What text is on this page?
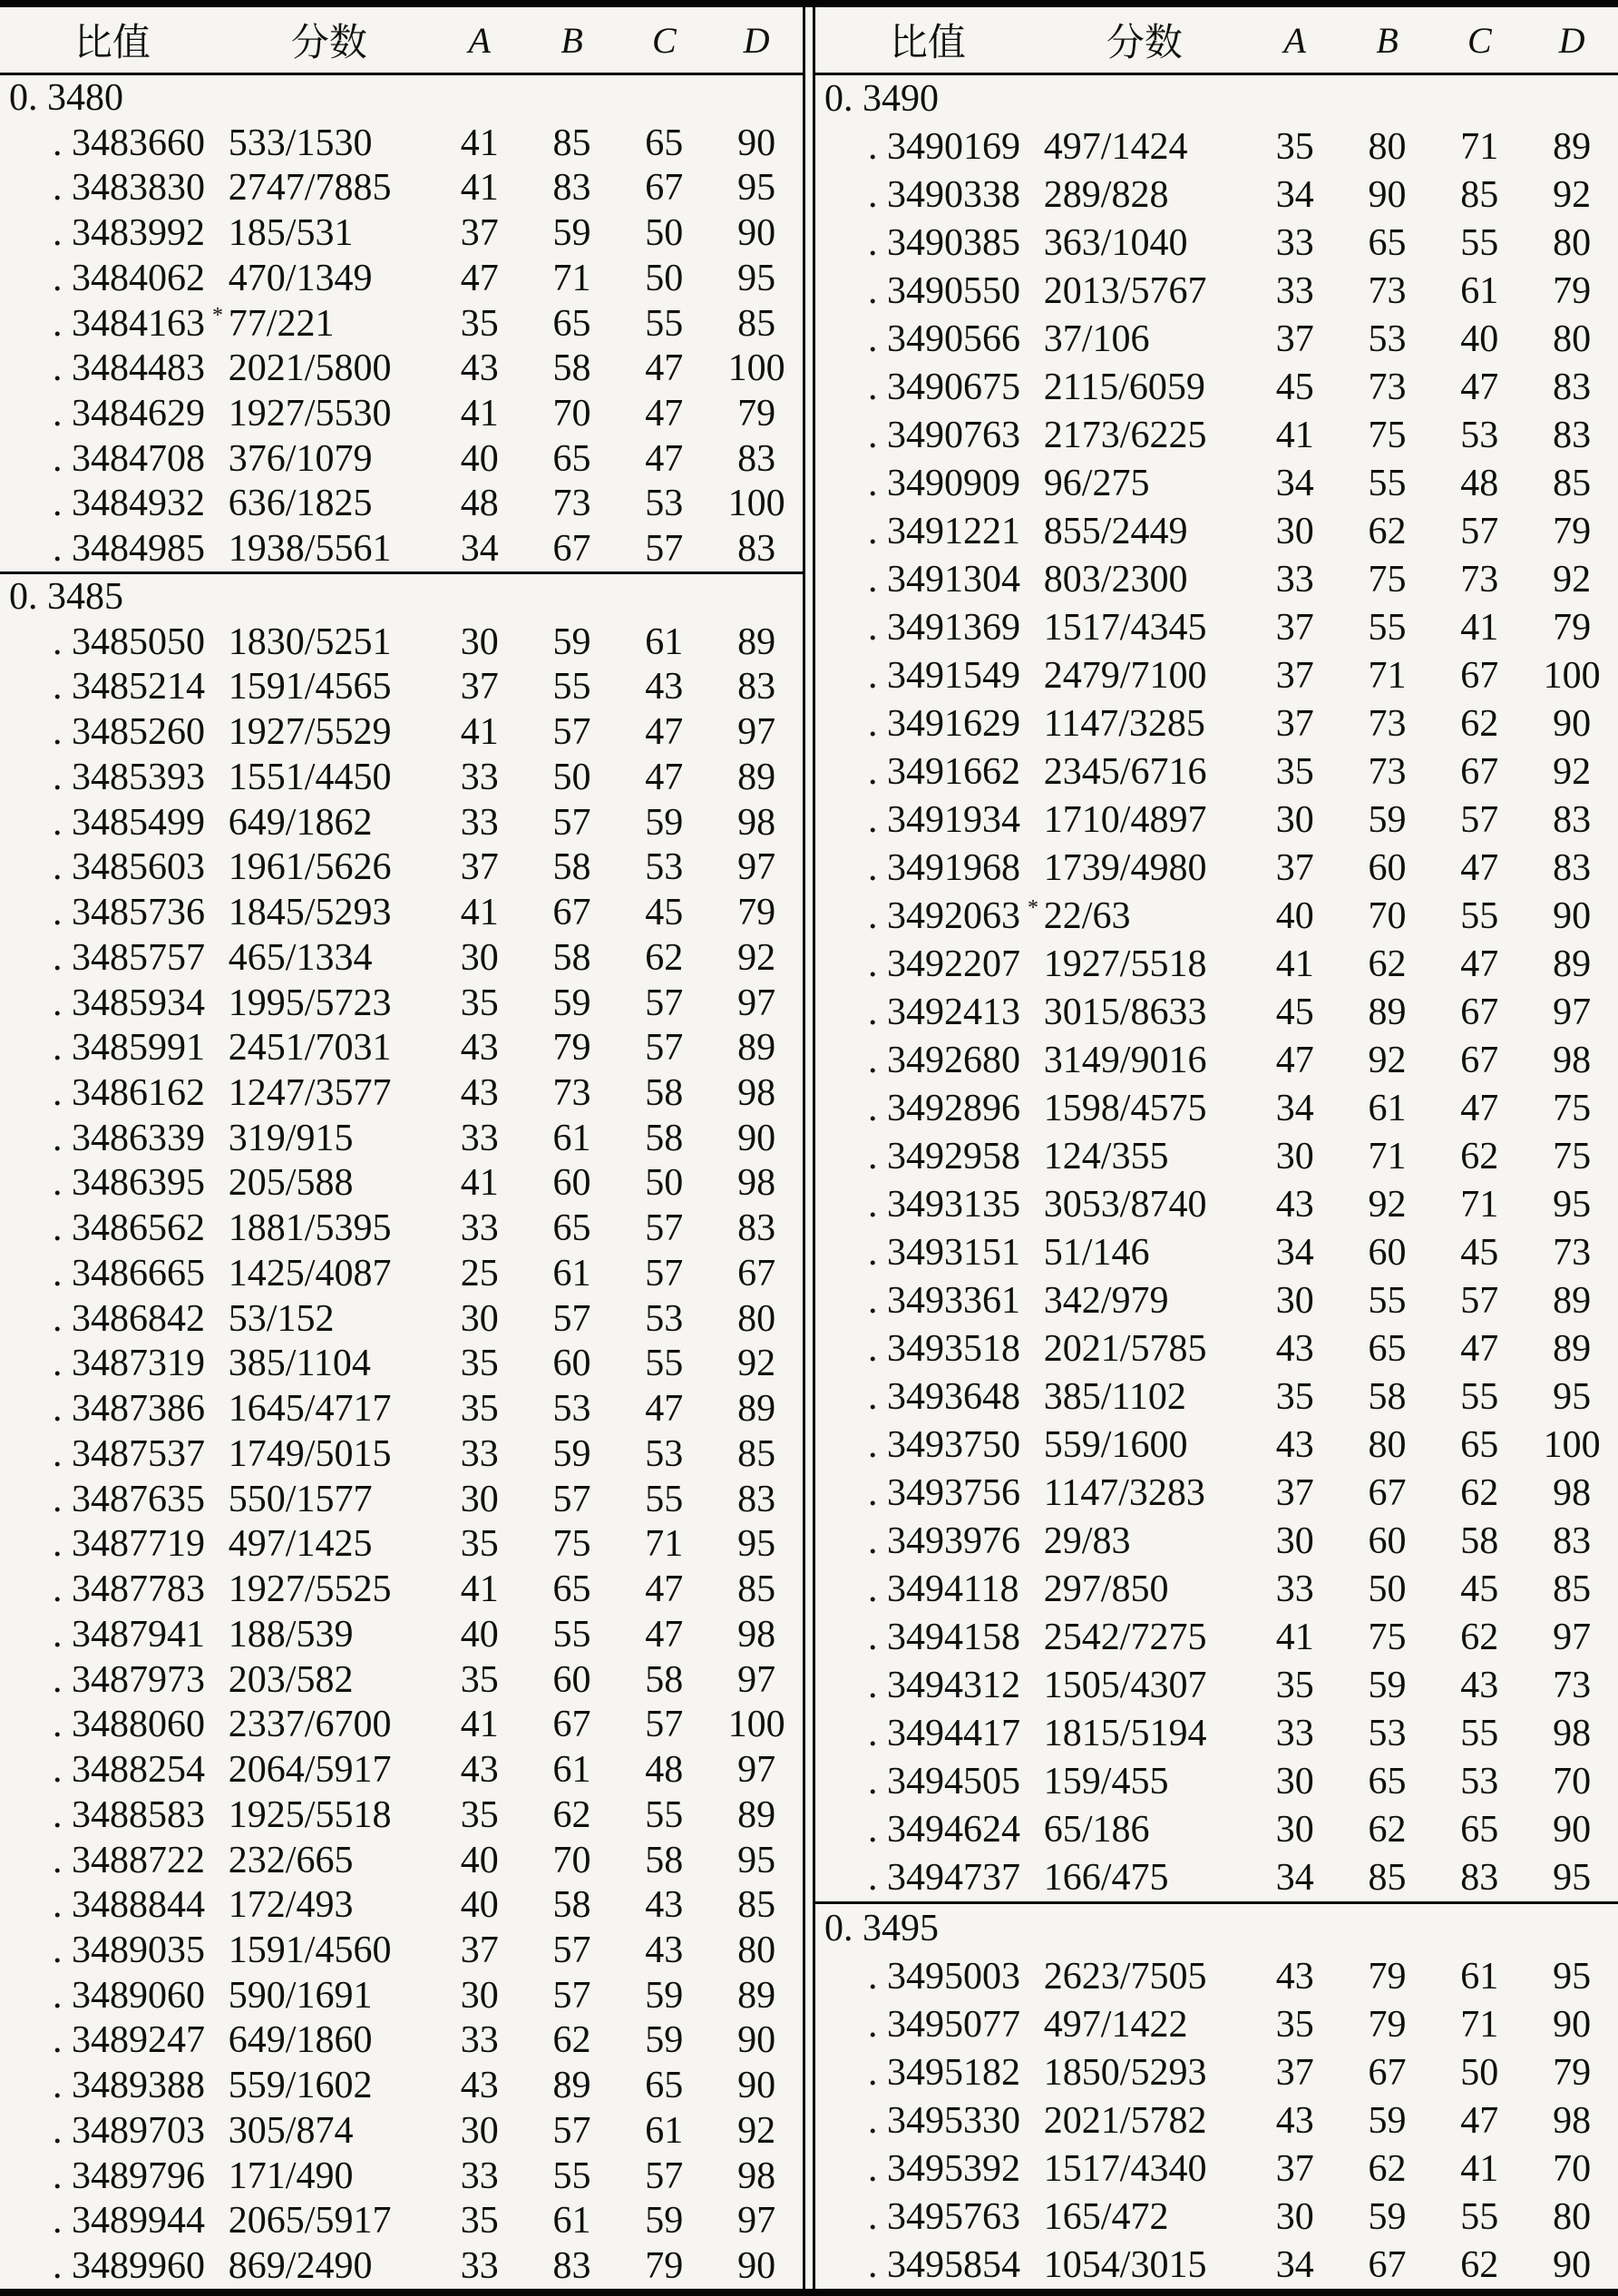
比值	分数	A	B	C	D
0. 3480
. 3483660 533/1530	41	85	65	90
. 3483830 2747/7885	41	83	67	95
. 3483992 185/531	37	59	50	90
. 3484062 470/1349	47	71	50	95
. 3484163 * 77/221	35	65	55	85
. 3484483 2021/5800	43	58	47	100
. 3484629 1927/5530	41	70	47	79
. 3484708 376/1079	40	65	47	83
. 3484932 636/1825	48	73	53	100
. 3484985 1938/5561	34	67	57	83
0. 3485
. 3485050 1830/5251	30	59	61	89
. 3485214 1591/4565	37	55	43	83
. 3485260 1927/5529	41	57	47	97
. 3485393 1551/4450	33	50	47	89
. 3485499 649/1862	33	57	59	98
. 3485603 1961/5626	37	58	53	97
. 3485736 1845/5293	41	67	45	79
. 3485757 465/1334	30	58	62	92
. 3485934 1995/5723	35	59	57	97
. 3485991 2451/7031	43	79	57	89
. 3486162 1247/3577	43	73	58	98
. 3486339 319/915	33	61	58	90
. 3486395 205/588	41	60	50	98
. 3486562 1881/5395	33	65	57	83
. 3486665 1425/4087	25	61	57	67
. 3486842 53/152	30	57	53	80
. 3487319 385/1104	35	60	55	92
. 3487386 1645/4717	35	53	47	89
. 3487537 1749/5015	33	59	53	85
. 3487635 550/1577	30	57	55	83
. 3487719 497/1425	35	75	71	95
. 3487783 1927/5525	41	65	47	85
. 3487941 188/539	40	55	47	98
. 3487973 203/582	35	60	58	97
. 3488060 2337/6700	41	67	57	100
. 3488254 2064/5917	43	61	48	97
. 3488583 1925/5518	35	62	55	89
. 3488722 232/665	40	70	58	95
. 3488844 172/493	40	58	43	85
. 3489035 1591/4560	37	57	43	80
. 3489060 590/1691	30	57	59	89
. 3489247 649/1860	33	62	59	90
. 3489388 559/1602	43	89	65	90
. 3489703 305/874	30	57	61	92
. 3489796 171/490	33	55	57	98
. 3489944 2065/5917	35	61	59	97
. 3489960 869/2490	33	83	79	90
比值	分数	A	B	C	D
0. 3490
. 3490169 497/1424	35	80	71	89
. 3490338 289/828	34	90	85	92
. 3490385 363/1040	33	65	55	80
. 3490550 2013/5767	33	73	61	79
. 3490566 37/106	37	53	40	80
. 3490675 2115/6059	45	73	47	83
. 3490763 2173/6225	41	75	53	83
. 3490909 96/275	34	55	48	85
. 3491221 855/2449	30	62	57	79
. 3491304 803/2300	33	75	73	92
. 3491369 1517/4345	37	55	41	79
. 3491549 2479/7100	37	71	67	100
. 3491629 1147/3285	37	73	62	90
. 3491662 2345/6716	35	73	67	92
. 3491934 1710/4897	30	59	57	83
. 3491968 1739/4980	37	60	47	83
. 3492063 * 22/63	40	70	55	90
. 3492207 1927/5518	41	62	47	89
. 3492413 3015/8633	45	89	67	97
. 3492680 3149/9016	47	92	67	98
. 3492896 1598/4575	34	61	47	75
. 3492958 124/355	30	71	62	75
. 3493135 3053/8740	43	92	71	95
. 3493151 51/146	34	60	45	73
. 3493361 342/979	30	55	57	89
. 3493518 2021/5785	43	65	47	89
. 3493648 385/1102	35	58	55	95
. 3493750 559/1600	43	80	65	100
. 3493756 1147/3283	37	67	62	98
. 3493976 29/83	30	60	58	83
. 3494118 297/850	33	50	45	85
. 3494158 2542/7275	41	75	62	97
. 3494312 1505/4307	35	59	43	73
. 3494417 1815/5194	33	53	55	98
. 3494505 159/455	30	65	53	70
. 3494624 65/186	30	62	65	90
. 3494737 166/475	34	85	83	95
0. 3495
. 3495003 2623/7505	43	79	61	95
. 3495077 497/1422	35	79	71	90
. 3495182 1850/5293	37	67	50	79
. 3495330 2021/5782	43	59	47	98
. 3495392 1517/4340	37	62	41	70
. 3495763 165/472	30	59	55	80
. 3495854 1054/3015	34	67	62	90
